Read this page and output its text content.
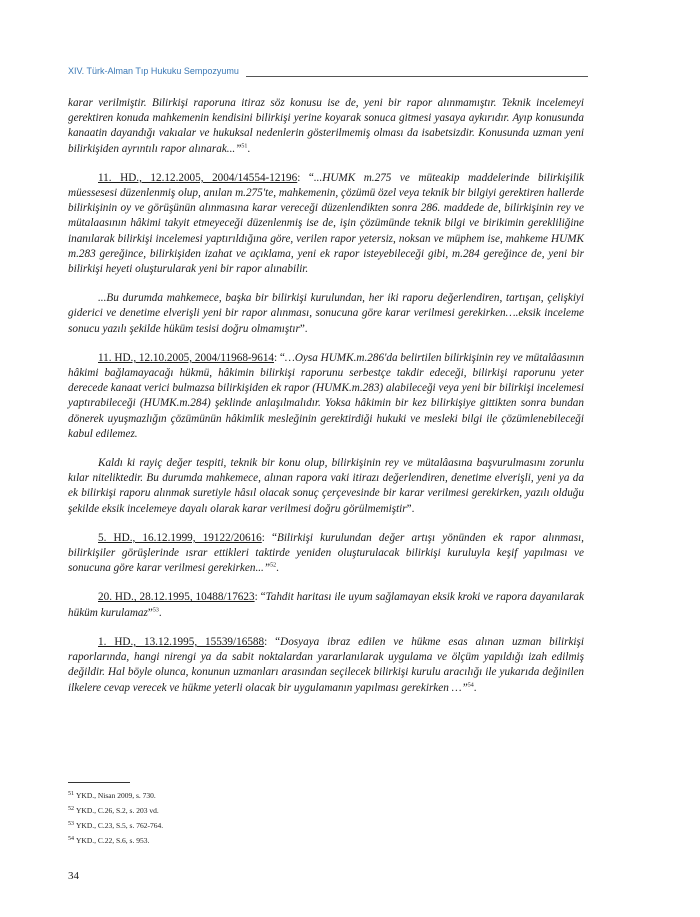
XIV. Türk-Alman Tıp Hukuku Sempozyumu

karar verilmiştir. Bilirkişi raporuna itiraz söz konusu ise de, yeni bir rapor alınmamıştır. Teknik incelemeyi gerektiren konuda mahkemenin kendisini bilirkişi yerine koyarak sonuca gitmesi yasaya aykırıdır. Ayıp konusunda kanaatin dayandığı vakıalar ve hukuksal nedenlerin gösterilmemiş olması da isabetsizdir. Konusunda uzman yeni bilirkişiden ayrıntılı rapor alınarak...”$^{51}$.

11. HD., 12.12.2005, 2004/14554-12196: “...HUMK m.275 ve müteakip maddelerinde bilirkişilik müessesesi düzenlenmiş olup, anılan m.275'te, mahkemenin, çözümü özel veya teknik bir bilgiyi gerektiren hallerde bilirkişinin oy ve görüşünün alınmasına karar vereceği düzenlendikten sonra 286. maddede de, bilirkişinin rey ve mütalaasının hâkimi takyit etmeyeceği düzenlenmiş ise de, işin çözümünde teknik bilgi ve birikimin gerekliliğine inanılarak bilirkişi incelemesi yaptırıldığına göre, verilen rapor yetersiz, noksan ve müphem ise, mahkeme HUMK m.283 gereğince, bilirkişiden izahat ve açıklama, yeni ek rapor isteyebileceği gibi, m.284 gereğince de, yeni bir bilirkişi heyeti oluşturularak yeni bir rapor alınabilir.

...Bu durumda mahkemece, başka bir bilirkişi kurulundan, her iki raporu değerlendiren, tartışan, çelişkiyi giderici ve denetime elverişli yeni bir rapor alınması, sonucuna göre karar verilmesi gerekirken….eksik inceleme sonucu yazılı şekilde hüküm tesisi doğru olmamıştır”.

11. HD., 12.10.2005, 2004/11968-9614: “…Oysa HUMK.m.286'da belirtilen bilirkişinin rey ve mütalâasının hâkimi bağlamayacağı hükmü, hâkimin bilirkişi raporunu serbestçe takdir edeceği, bilirkişi raporunu yeter derecede kanaat verici bulmazsa bilirkişiden ek rapor (HUMK.m.283) alabileceği veya yeni bir bilirkişi incelemesi yaptırabileceği (HUMK.m.284) şeklinde anlaşılmalıdır. Yoksa hâkimin bir kez bilirkişiye gittikten sonra bundan dönerek uyuşmazlığın çözümünün hâkimlik mesleğinin gerektirdiği hukuki ve mesleki bilgi ile çözümlenebileceği kabul edilemez.

Kaldı ki rayiç değer tespiti, teknik bir konu olup, bilirkişinin rey ve mütalâasına başvurulmasını zorunlu kılar niteliktedir. Bu durumda mahkemece, alınan rapora vaki itirazı değerlendiren, denetime elverişli, yeni ya da ek bilirkişi raporu alınmak suretiyle hâsıl olacak sonuç çerçevesinde bir karar verilmesi gerekirken, yazılı olduğu şekilde eksik incelemeye dayalı olarak karar verilmesi doğru görülmemiştir”.

5. HD., 16.12.1999, 19122/20616: “Bilirkişi kurulundan değer artışı yönünden ek rapor alınması, bilirkişiler görüşlerinde ısrar ettikleri taktirde yeniden oluşturulacak bilirkişi kuruluyla keşif yapılması ve sonucuna göre karar verilmesi gerekirken...”$^{52}$.

20. HD., 28.12.1995, 10488/17623: “Tahdit haritası ile uyum sağlamayan eksik kroki ve rapora dayanılarak hüküm kurulamaz”$^{53}$.

1. HD., 13.12.1995, 15539/16588: “Dosyaya ibraz edilen ve hükme esas alınan uzman bilirkişi raporlarında, hangi nirengi ya da sabit noktalardan yararlanılarak uygulama ve ölçüm yapıldığı izah edilmiş değildir. Hal böyle olunca, konunun uzmanları arasından seçilecek bilirkişi kurulu aracılığı ile yukarıda değinilen ilkelere cevap verecek ve hükme yeterli olacak bir uygulamanın yapılması gerekirken …”$^{54}$.

$^{51}$ YKD., Nisan 2009, s. 730.
$^{52}$ YKD., C.26, S.2, s. 203 vd.
$^{53}$ YKD., C.23, S.5, s. 762-764.
$^{54}$ YKD., C.22, S.6, s. 953.
34
